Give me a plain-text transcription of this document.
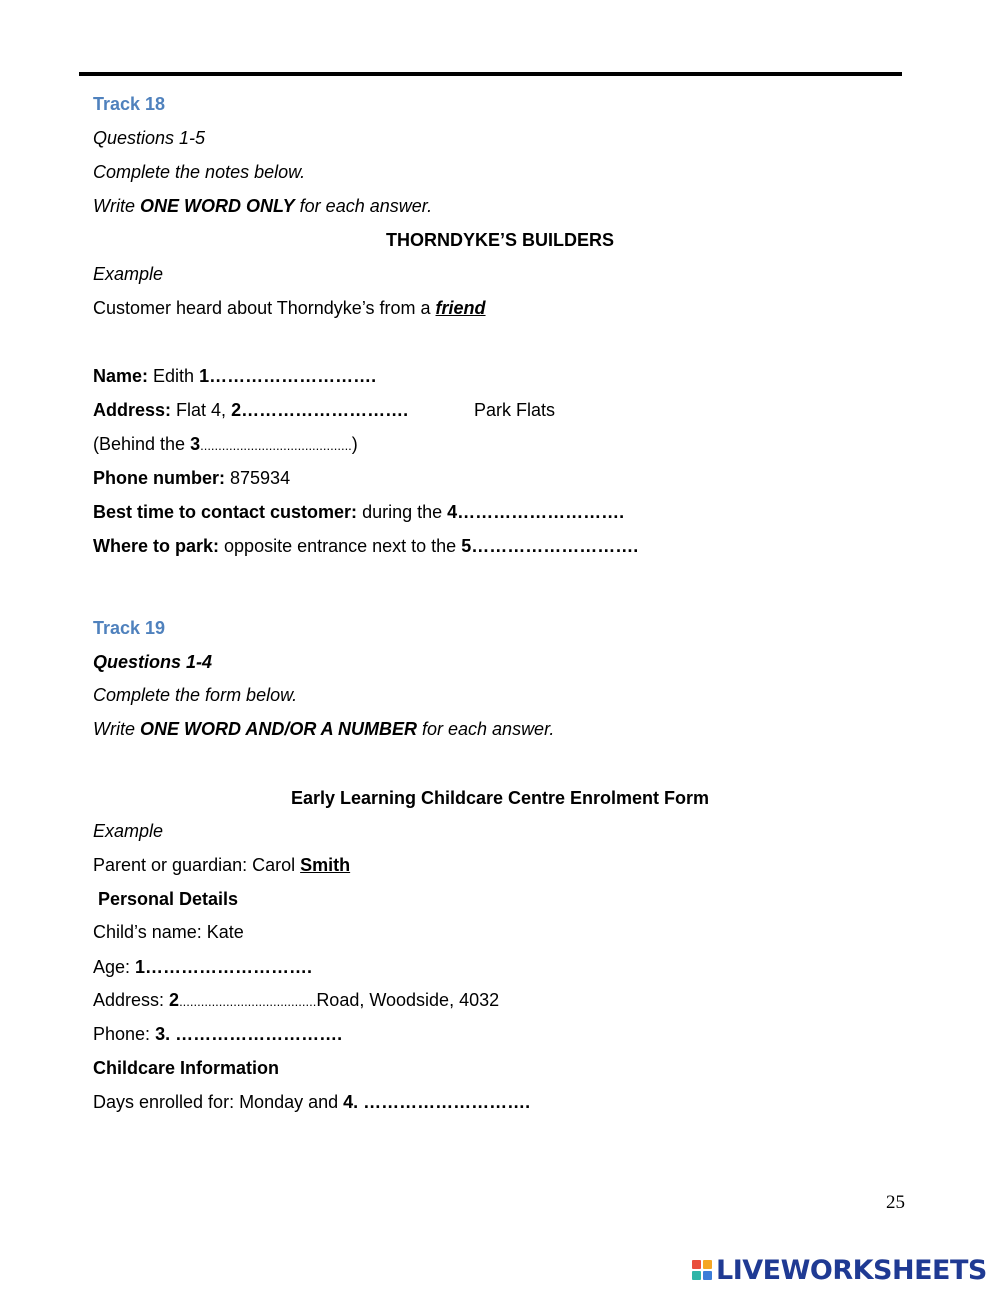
Track 18
Questions 1-5
Complete the notes below.
Write ONE WORD ONLY for each answer.
THORNDYKE’S BUILDERS
Example
Customer heard about Thorndyke’s from a friend
Name: Edith 1……………………….
Address: Flat 4, 2……………………….	Park Flats
(Behind the 3..........................................)
Phone number: 875934
Best time to contact customer: during the 4……………………….
Where to park: opposite entrance next to the 5……………………….
Track 19
Questions 1-4
Complete the form below.
Write ONE WORD AND/OR A NUMBER for each answer.
Early Learning Childcare Centre Enrolment Form
Example
Parent or guardian: Carol Smith
Personal Details
Child’s name: Kate
Age: 1……………………….
Address: 2......................................Road, Woodside, 4032
Phone: 3. ……………………….
Childcare Information
Days enrolled for: Monday and 4. ……………………….
25
LIVEWORKSHEETS
